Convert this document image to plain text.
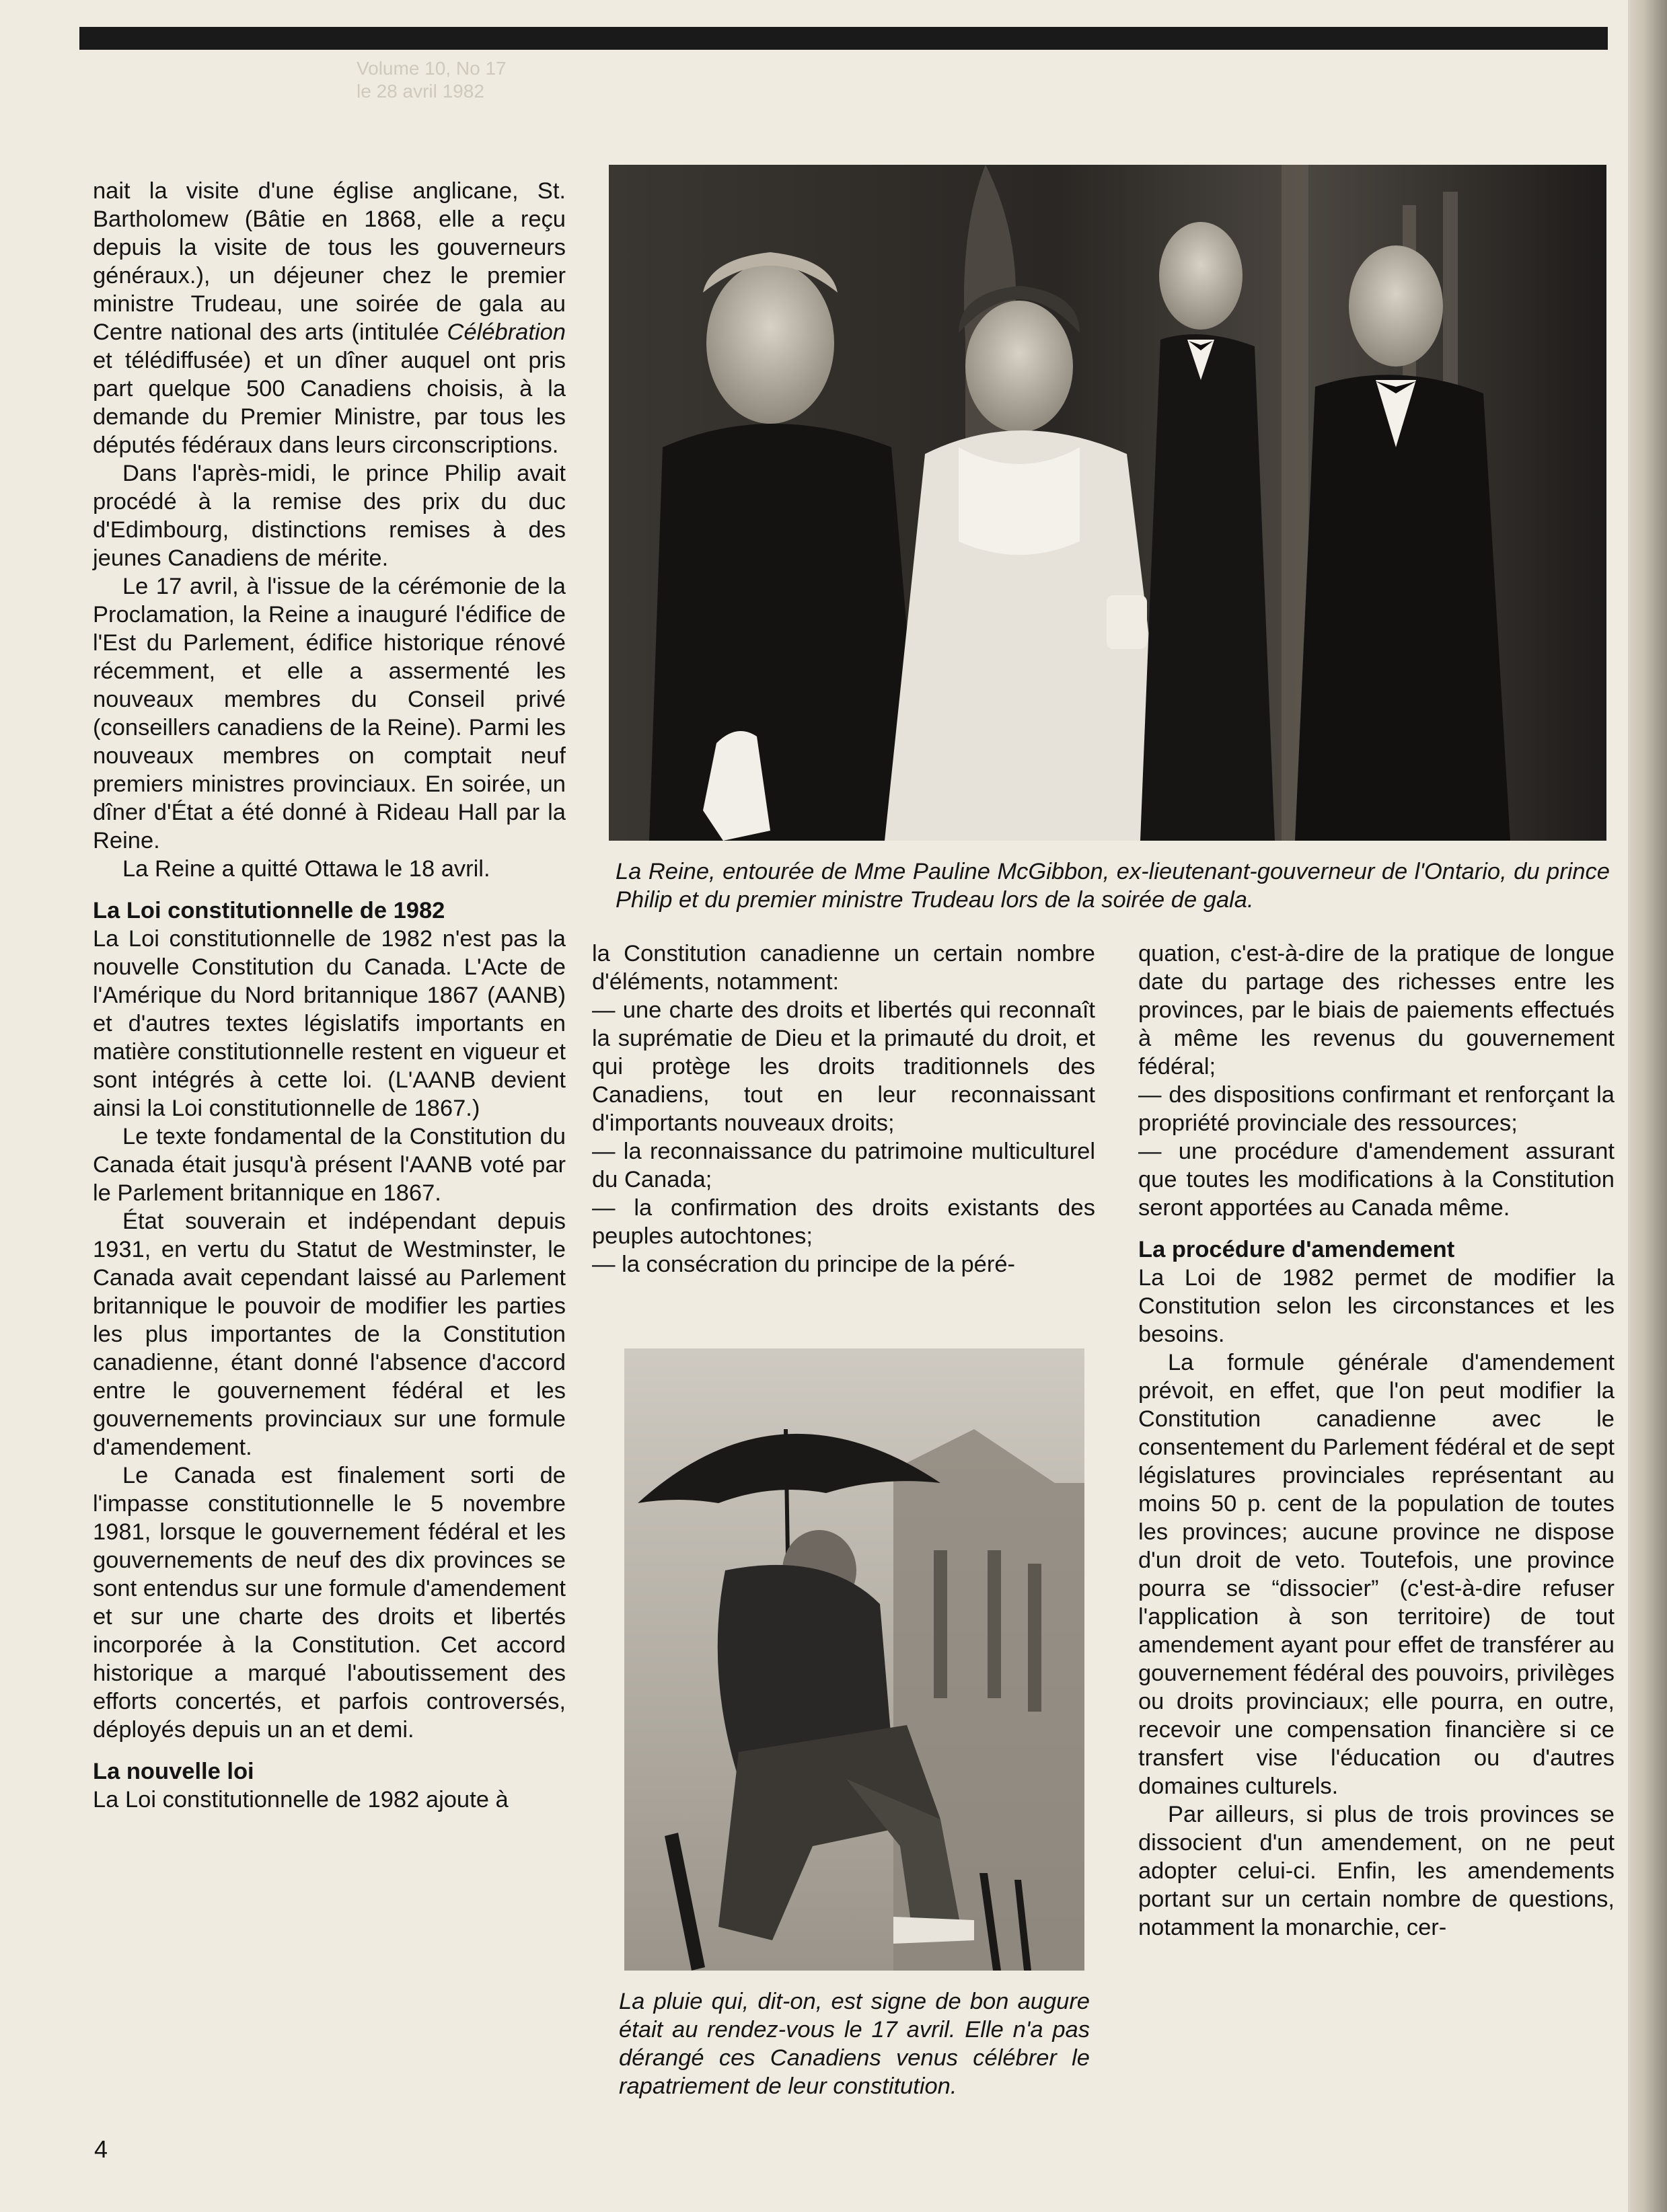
Volume 10, No 17
le 28 avril 1982

nait la visite d'une église anglicane, St. Bartholomew (Bâtie en 1868, elle a reçu depuis la visite de tous les gouverneurs généraux.), un déjeuner chez le premier ministre Trudeau, une soirée de gala au Centre national des arts (intitulée Célébration et télédiffusée) et un dîner auquel ont pris part quelque 500 Canadiens choisis, à la demande du Premier Ministre, par tous les députés fédéraux dans leurs circonscriptions.

Dans l'après-midi, le prince Philip avait procédé à la remise des prix du duc d'Edimbourg, distinctions remises à des jeunes Canadiens de mérite.

Le 17 avril, à l'issue de la cérémonie de la Proclamation, la Reine a inauguré l'édifice de l'Est du Parlement, édifice historique rénové récemment, et elle a assermenté les nouveaux membres du Conseil privé (conseillers canadiens de la Reine). Parmi les nouveaux membres on comptait neuf premiers ministres provinciaux. En soirée, un dîner d'État a été donné à Rideau Hall par la Reine.

La Reine a quitté Ottawa le 18 avril.

La Loi constitutionnelle de 1982

La Loi constitutionnelle de 1982 n'est pas la nouvelle Constitution du Canada. L'Acte de l'Amérique du Nord britannique 1867 (AANB) et d'autres textes législatifs importants en matière constitutionnelle restent en vigueur et sont intégrés à cette loi. (L'AANB devient ainsi la Loi constitutionnelle de 1867.)

Le texte fondamental de la Constitution du Canada était jusqu'à présent l'AANB voté par le Parlement britannique en 1867.

État souverain et indépendant depuis 1931, en vertu du Statut de Westminster, le Canada avait cependant laissé au Parlement britannique le pouvoir de modifier les parties les plus importantes de la Constitution canadienne, étant donné l'absence d'accord entre le gouvernement fédéral et les gouvernements provinciaux sur une formule d'amendement.

Le Canada est finalement sorti de l'impasse constitutionnelle le 5 novembre 1981, lorsque le gouvernement fédéral et les gouvernements de neuf des dix provinces se sont entendus sur une formule d'amendement et sur une charte des droits et libertés incorporée à la Constitution. Cet accord historique a marqué l'aboutissement des efforts concertés, et parfois controversés, déployés depuis un an et demi.

La nouvelle loi

La Loi constitutionnelle de 1982 ajoute à

La Reine, entourée de Mme Pauline McGibbon, ex-lieutenant-gouverneur de l'Ontario, du prince Philip et du premier ministre Trudeau lors de la soirée de gala.

la Constitution canadienne un certain nombre d'éléments, notamment:

— une charte des droits et libertés qui reconnaît la suprématie de Dieu et la primauté du droit, et qui protège les droits traditionnels des Canadiens, tout en leur reconnaissant d'importants nouveaux droits;

— la reconnaissance du patrimoine multiculturel du Canada;

— la confirmation des droits existants des peuples autochtones;

— la consécration du principe de la péré-

La pluie qui, dit-on, est signe de bon augure était au rendez-vous le 17 avril. Elle n'a pas dérangé ces Canadiens venus célébrer le rapatriement de leur constitution.

quation, c'est-à-dire de la pratique de longue date du partage des richesses entre les provinces, par le biais de paiements effectués à même les revenus du gouvernement fédéral;

— des dispositions confirmant et renforçant la propriété provinciale des ressources;

— une procédure d'amendement assurant que toutes les modifications à la Constitution seront apportées au Canada même.

La procédure d'amendement

La Loi de 1982 permet de modifier la Constitution selon les circonstances et les besoins.

La formule générale d'amendement prévoit, en effet, que l'on peut modifier la Constitution canadienne avec le consentement du Parlement fédéral et de sept législatures provinciales représentant au moins 50 p. cent de la population de toutes les provinces; aucune province ne dispose d'un droit de veto. Toutefois, une province pourra se “dissocier” (c'est-à-dire refuser l'application à son territoire) de tout amendement ayant pour effet de transférer au gouvernement fédéral des pouvoirs, privilèges ou droits provinciaux; elle pourra, en outre, recevoir une compensation financière si ce transfert vise l'éducation ou d'autres domaines culturels.

Par ailleurs, si plus de trois provinces se dissocient d'un amendement, on ne peut adopter celui-ci. Enfin, les amendements portant sur un certain nombre de questions, notamment la monarchie, cer-

4
